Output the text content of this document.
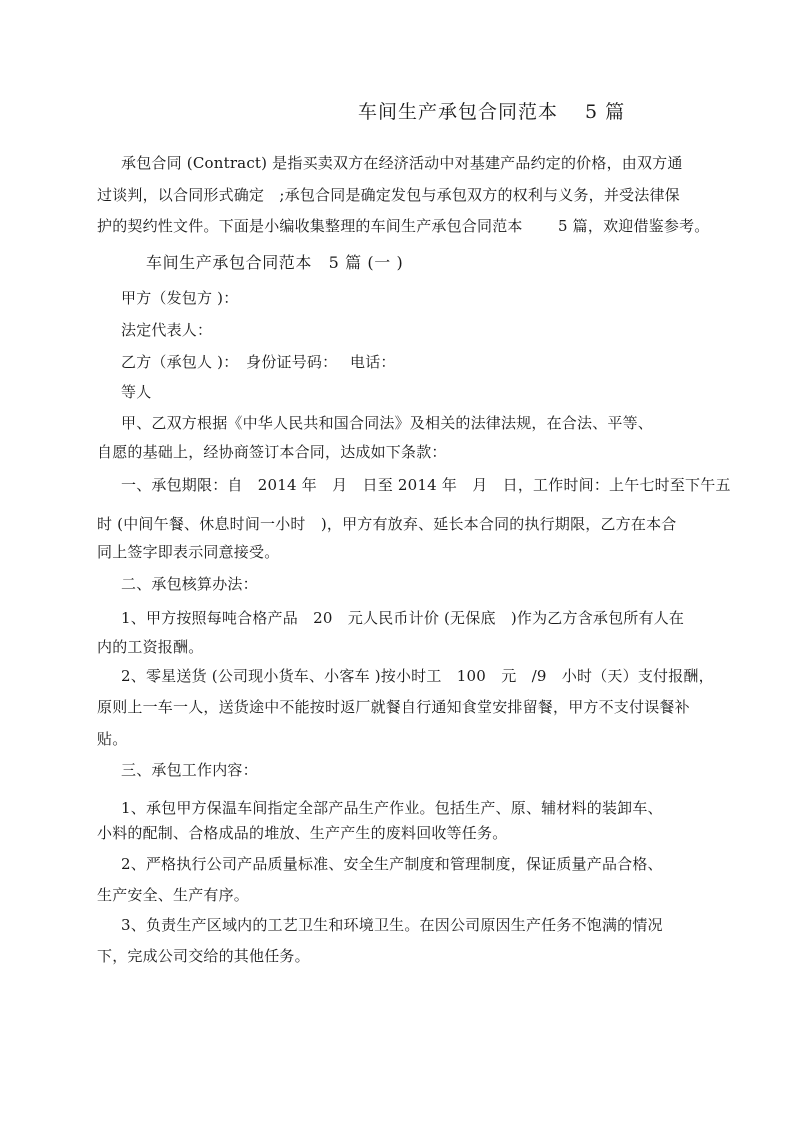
车间生产承包合同范本　 5 篇
承包合同 (Contract) 是指买卖双方在经济活动中对基建产品约定的价格，由双方通
过谈判，以合同形式确定　;承包合同是确定发包与承包双方的权利与义务，并受法律保
护的契约性文件。下面是小编收集整理的车间生产承包合同范本　　 5 篇，欢迎借鉴参考。
车间生产承包合同范本　5 篇 (一 )
甲方（发包方 )：
法定代表人：
乙方（承包人 )：　身份证号码：　 电话：
等人
甲、乙双方根据《中华人民共和国合同法》及相关的法律法规，在合法、平等、
自愿的基础上，经协商签订本合同，达成如下条款：
一、承包期限：自　2014 年　月　日至 2014 年　月　日，工作时间：上午七时至下午五
时 (中间午餐、休息时间一小时　)，甲方有放弃、延长本合同的执行期限，乙方在本合
同上签字即表示同意接受。
二、承包核算办法：
1、甲方按照每吨合格产品　20　元人民币计价 (无保底　)作为乙方含承包所有人在
内的工资报酬。
2、零星送货 (公司现小货车、小客车 )按小时工　100　元　/9　小时（天）支付报酬，
原则上一车一人，送货途中不能按时返厂就餐自行通知食堂安排留餐，甲方不支付误餐补
贴。
三、承包工作内容：
1、承包甲方保温车间指定全部产品生产作业。包括生产、原、辅材料的装卸车、
小料的配制、合格成品的堆放、生产产生的废料回收等任务。
2、严格执行公司产品质量标准、安全生产制度和管理制度，保证质量产品合格、
生产安全、生产有序。
3、负责生产区域内的工艺卫生和环境卫生。在因公司原因生产任务不饱满的情况
下，完成公司交给的其他任务。
